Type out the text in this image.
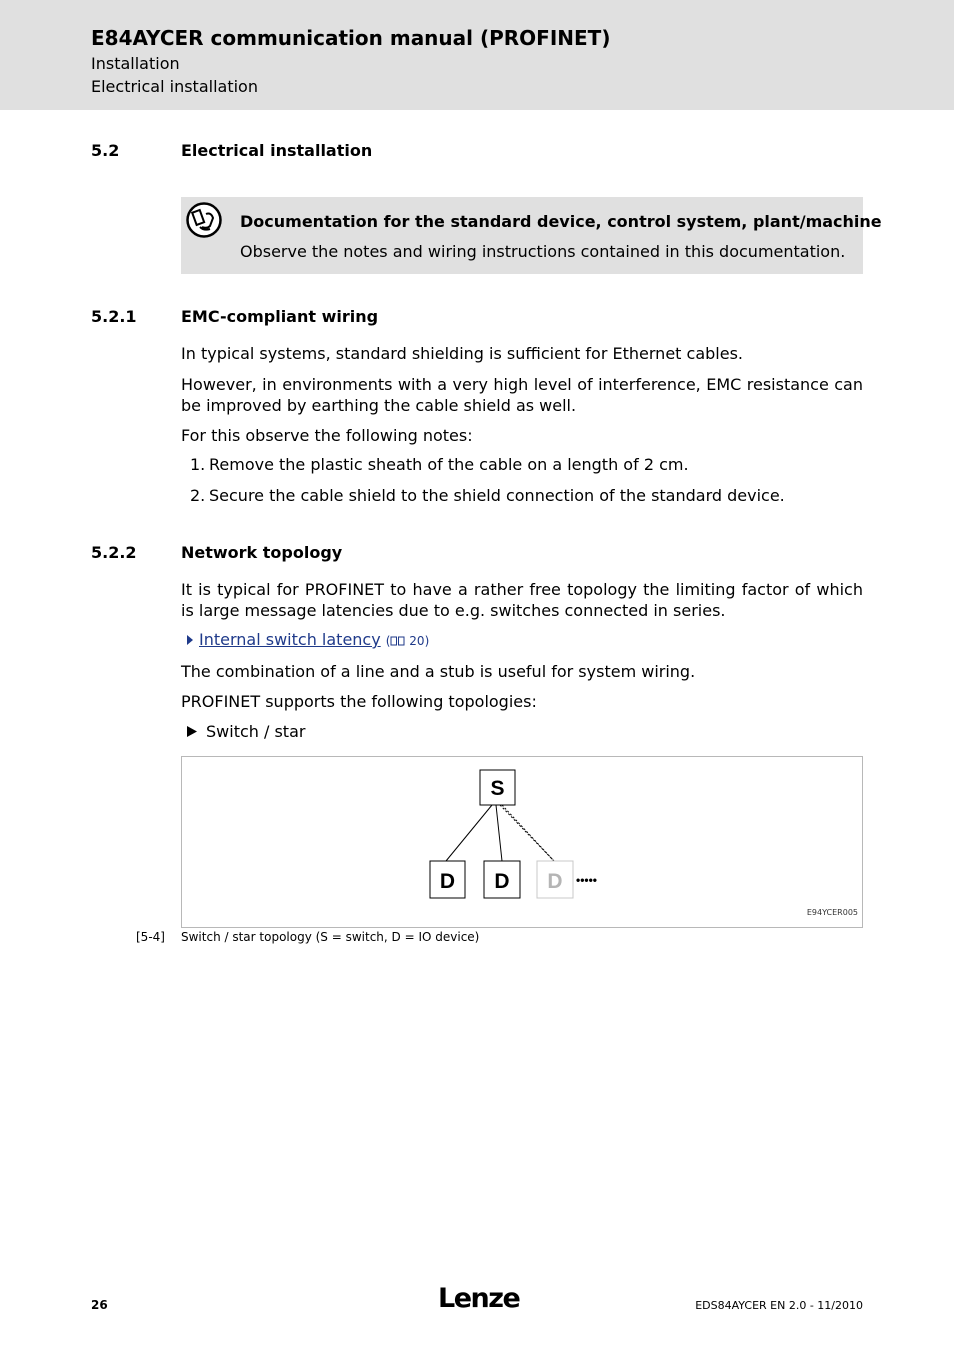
E84AYCER communication manual (PROFINET)
Installation
Electrical installation
5.2	Electrical installation
Documentation for the standard device, control system, plant/machine
Observe the notes and wiring instructions contained in this documentation.
5.2.1	EMC-compliant wiring
In typical systems, standard shielding is sufficient for Ethernet cables.
However, in environments with a very high level of interference, EMC resistance can be improved by earthing the cable shield as well.
For this observe the following notes:
1. Remove the plastic sheath of the cable on a length of 2 cm.
2. Secure the cable shield to the shield connection of the standard device.
5.2.2	Network topology
It is typical for PROFINET to have a rather free topology the limiting factor of which is large message latencies due to e.g. switches connected in series.
Internal switch latency ( 20)
The combination of a line and a stub is useful for system wiring.
PROFINET supports the following topologies:
Switch / star
S
D D D •••••
E94YCER005
[5-4] Switch / star topology (S = switch, D = IO device)
26	Lenze	EDS84AYCER EN 2.0 - 11/2010
